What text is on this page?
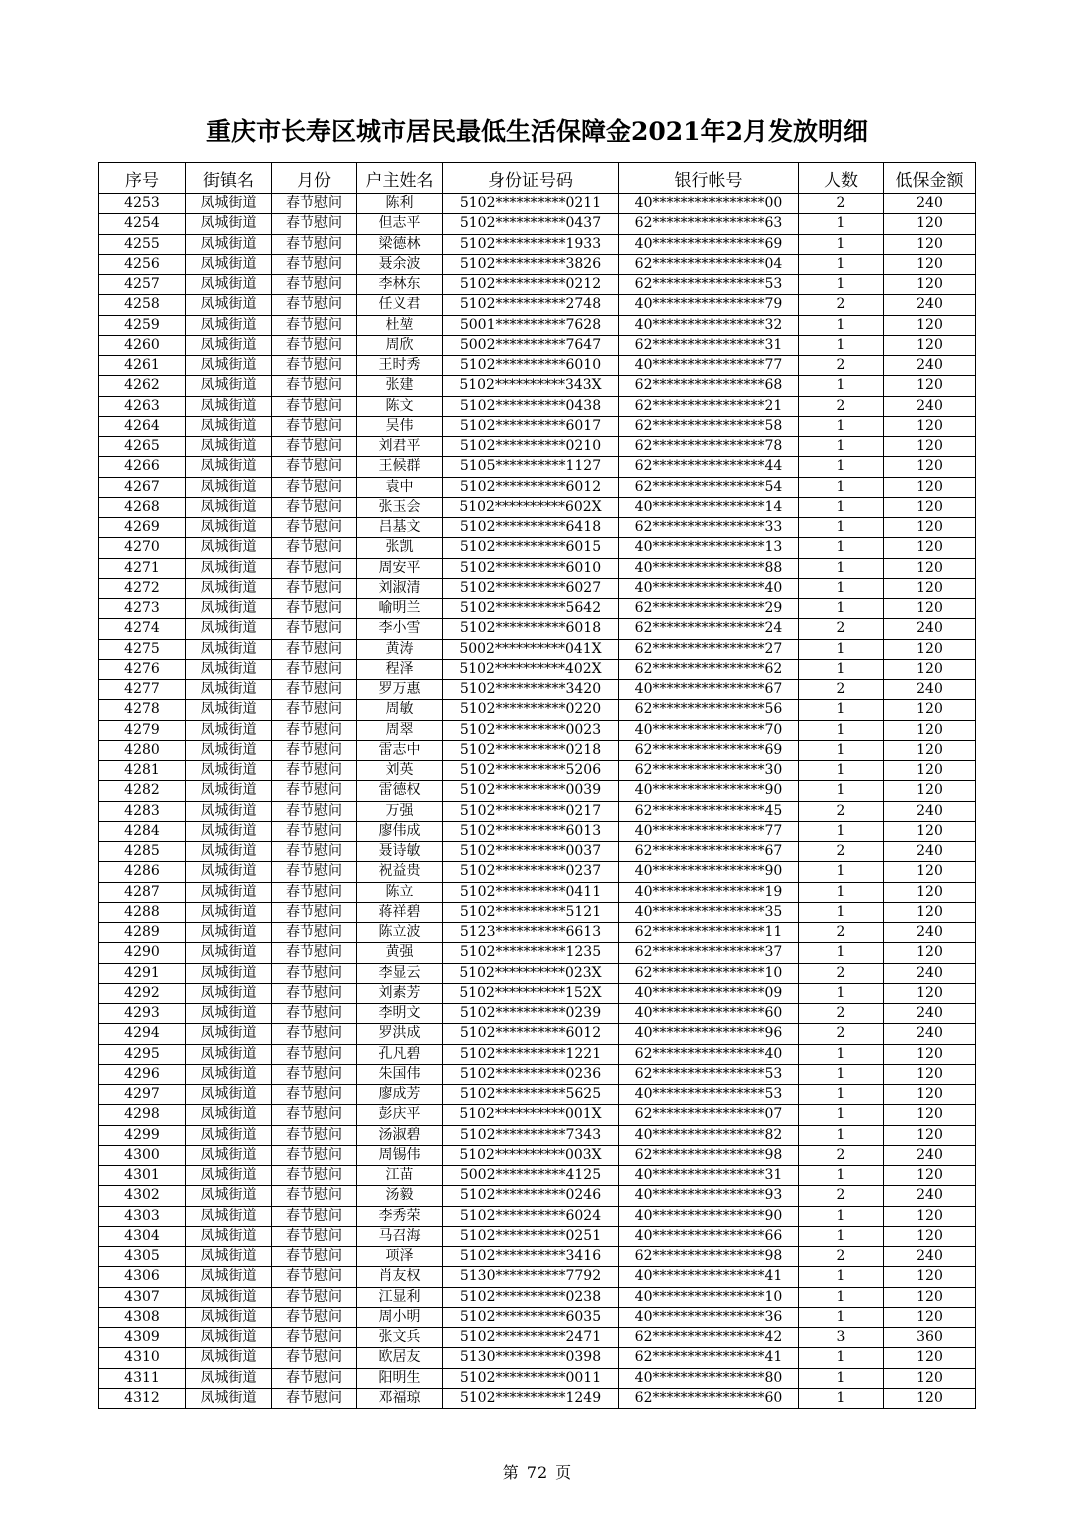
重庆市长寿区城市居民最低生活保障金2021年2月发放明细
序号	街镇名	月份	户主姓名	身份证号码	银行帐号	人数	低保金额
4253	凤城街道	春节慰问	陈利	5102**********0211	40****************00	2	240
4254	凤城街道	春节慰问	但志平	5102**********0437	62****************63	1	120
4255	凤城街道	春节慰问	梁德林	5102**********1933	40****************69	1	120
4256	凤城街道	春节慰问	聂余波	5102**********3826	62****************04	1	120
4257	凤城街道	春节慰问	李林东	5102**********0212	62****************53	1	120
4258	凤城街道	春节慰问	任义君	5102**********2748	40****************79	2	240
4259	凤城街道	春节慰问	杜堃	5001**********7628	40****************32	1	120
4260	凤城街道	春节慰问	周欣	5002**********7647	62****************31	1	120
4261	凤城街道	春节慰问	王时秀	5102**********6010	40****************77	2	240
4262	凤城街道	春节慰问	张建	5102**********343X	62****************68	1	120
4263	凤城街道	春节慰问	陈文	5102**********0438	62****************21	2	240
4264	凤城街道	春节慰问	吴伟	5102**********6017	62****************58	1	120
4265	凤城街道	春节慰问	刘君平	5102**********0210	62****************78	1	120
4266	凤城街道	春节慰问	王候群	5105**********1127	62****************44	1	120
4267	凤城街道	春节慰问	袁中	5102**********6012	62****************54	1	120
4268	凤城街道	春节慰问	张玉会	5102**********602X	40****************14	1	120
4269	凤城街道	春节慰问	吕基文	5102**********6418	62****************33	1	120
4270	凤城街道	春节慰问	张凯	5102**********6015	40****************13	1	120
4271	凤城街道	春节慰问	周安平	5102**********6010	40****************88	1	120
4272	凤城街道	春节慰问	刘淑清	5102**********6027	40****************40	1	120
4273	凤城街道	春节慰问	喻明兰	5102**********5642	62****************29	1	120
4274	凤城街道	春节慰问	李小雪	5102**********6018	62****************24	2	240
4275	凤城街道	春节慰问	黄涛	5002**********041X	62****************27	1	120
4276	凤城街道	春节慰问	程泽	5102**********402X	62****************62	1	120
4277	凤城街道	春节慰问	罗万惠	5102**********3420	40****************67	2	240
4278	凤城街道	春节慰问	周敏	5102**********0220	62****************56	1	120
4279	凤城街道	春节慰问	周翠	5102**********0023	40****************70	1	120
4280	凤城街道	春节慰问	雷志中	5102**********0218	62****************69	1	120
4281	凤城街道	春节慰问	刘英	5102**********5206	62****************30	1	120
4282	凤城街道	春节慰问	雷德权	5102**********0039	40****************90	1	120
4283	凤城街道	春节慰问	万强	5102**********0217	62****************45	2	240
4284	凤城街道	春节慰问	廖伟成	5102**********6013	40****************77	1	120
4285	凤城街道	春节慰问	聂诗敏	5102**********0037	62****************67	2	240
4286	凤城街道	春节慰问	祝益贵	5102**********0237	40****************90	1	120
4287	凤城街道	春节慰问	陈立	5102**********0411	40****************19	1	120
4288	凤城街道	春节慰问	蒋祥碧	5102**********5121	40****************35	1	120
4289	凤城街道	春节慰问	陈立波	5123**********6613	62****************11	2	240
4290	凤城街道	春节慰问	黄强	5102**********1235	62****************37	1	120
4291	凤城街道	春节慰问	李显云	5102**********023X	62****************10	2	240
4292	凤城街道	春节慰问	刘素芳	5102**********152X	40****************09	1	120
4293	凤城街道	春节慰问	李明文	5102**********0239	40****************60	2	240
4294	凤城街道	春节慰问	罗洪成	5102**********6012	40****************96	2	240
4295	凤城街道	春节慰问	孔凡碧	5102**********1221	62****************40	1	120
4296	凤城街道	春节慰问	朱国伟	5102**********0236	62****************53	1	120
4297	凤城街道	春节慰问	廖成芳	5102**********5625	40****************53	1	120
4298	凤城街道	春节慰问	彭庆平	5102**********001X	62****************07	1	120
4299	凤城街道	春节慰问	汤淑碧	5102**********7343	40****************82	1	120
4300	凤城街道	春节慰问	周锡伟	5102**********003X	62****************98	2	240
4301	凤城街道	春节慰问	江苗	5002**********4125	40****************31	1	120
4302	凤城街道	春节慰问	汤毅	5102**********0246	40****************93	2	240
4303	凤城街道	春节慰问	李秀荣	5102**********6024	40****************90	1	120
4304	凤城街道	春节慰问	马召海	5102**********0251	40****************66	1	120
4305	凤城街道	春节慰问	项泽	5102**********3416	62****************98	2	240
4306	凤城街道	春节慰问	肖友权	5130**********7792	40****************41	1	120
4307	凤城街道	春节慰问	江显利	5102**********0238	40****************10	1	120
4308	凤城街道	春节慰问	周小明	5102**********6035	40****************36	1	120
4309	凤城街道	春节慰问	张文兵	5102**********2471	62****************42	3	360
4310	凤城街道	春节慰问	欧居友	5130**********0398	62****************41	1	120
4311	凤城街道	春节慰问	阳明生	5102**********0011	40****************80	1	120
4312	凤城街道	春节慰问	邓福琼	5102**********1249	62****************60	1	120
第 72 页
